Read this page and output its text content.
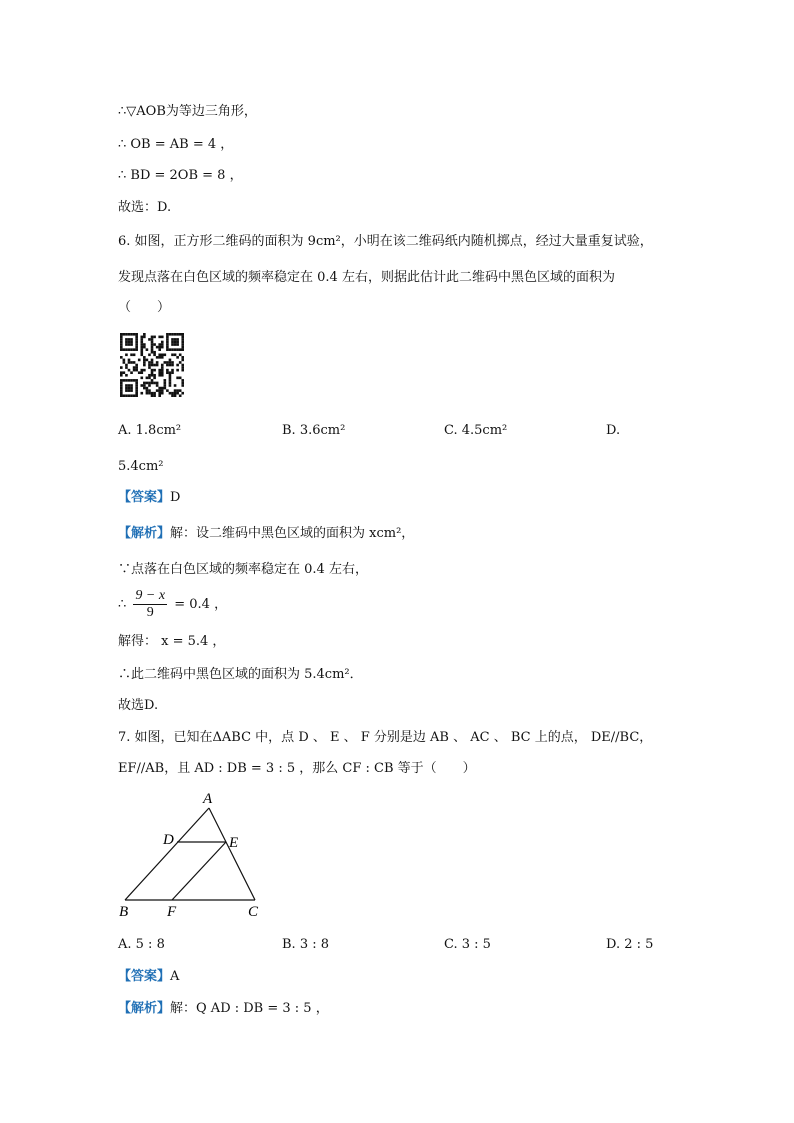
∴▽AOB为等边三角形，
∴ OB = AB = 4 ，
∴ BD = 2OB = 8 ，
故选：D.
6. 如图，正方形二维码的面积为 9cm²，小明在该二维码纸内随机掷点，经过大量重复试验，
发现点落在白色区域的频率稳定在 0.4 左右，则据此估计此二维码中黑色区域的面积为
（　　）
A. 1.8cm²	B. 3.6cm²	C. 4.5cm²	D.
5.4cm²
【答案】D
【解析】解：设二维码中黑色区域的面积为 xcm²，
∵点落在白色区域的频率稳定在 0.4 左右，
∴ $\frac{9 - x}{9} = 0.4$ ，
解得： x = 5.4 ，
∴此二维码中黑色区域的面积为 5.4cm²．
故选D.
7. 如图，已知在ΔABC 中，点 D 、 E 、 F 分别是边 AB 、 AC 、 BC 上的点， DE//BC，
EF//AB，且 AD : DB = 3 : 5 ，那么 CF : CB 等于（　　）
A
D	E
B	F	C
A. 5 : 8	B. 3 : 8	C. 3 : 5	D. 2 : 5
【答案】A
【解析】解：Q AD : DB = 3 : 5 ，
